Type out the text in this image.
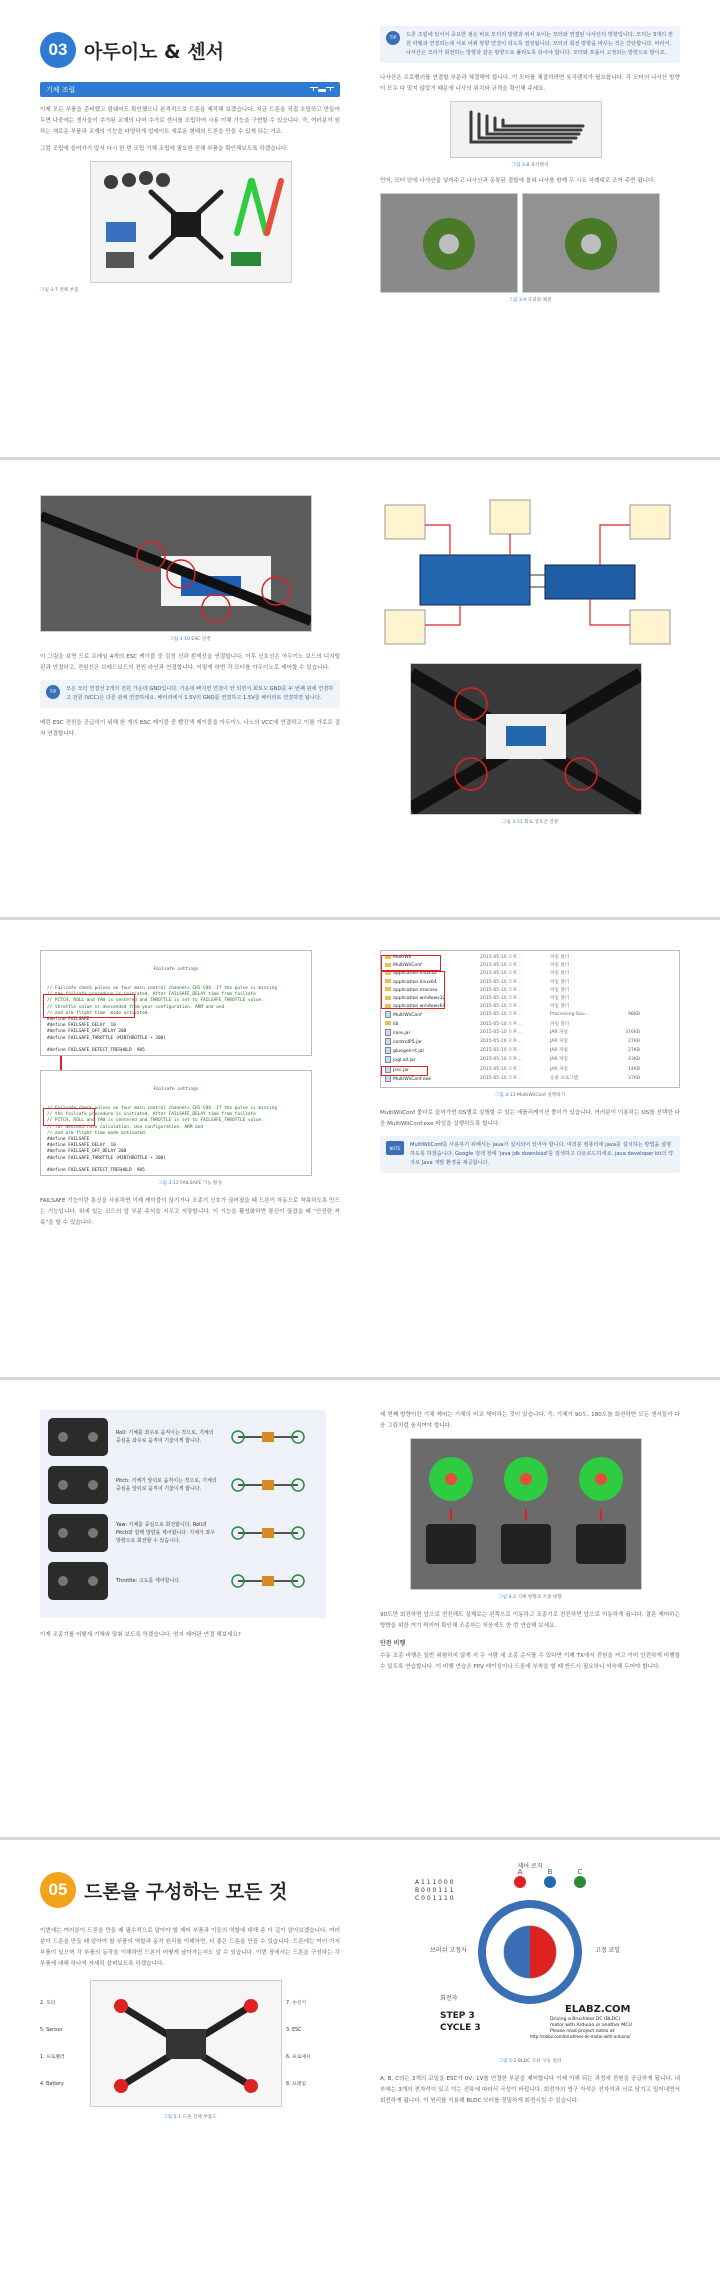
03 아두이노 & 센서
기체 조립

이제 모든 부품을 준비했고 펌웨어도 확인했으니 본격적으로 드론을 제작해 보겠습니다. 지금 드론을 직접 조립하고 만들어 두면 나중에는 센서들이 추가된 교재의 나머 추가로 센서를 조립하여 사용 이해 기능을 구현할 수 있습니다. 즉, 여러분이 원하는 새로운 부품과 교재의 기능을 다양하게 업데이트 새로운 형태의 드론을 만들 수 있게 되는 거죠.

그럼 조립에 들어가기 앞서 다시 한 번 조립 기체 조립에 필요한 전체 부품을 확인해보도록 하겠습니다.

그림 3-7 전체 부품
TIP	드론 조립에 있어서 중요한 점은 바로 모터의 방향과 위치 보이는 모터와 연결된 나사산의 방향입니다. 모터는 3개의 전원 라벨과 연결되는데 서로 바꿔 방향 연결이 되도록 결정됩니다. 모터의 회전 방향을 바꾸는 것은 간단합니다. 따라서, 나사산은 모터가 회전하는 방향과 같은 방향으로 풀리도록 되어야 합니다. 모터와 프롭이 고정되는 방향으로 말이죠.

나사산은 프로펠러를 연결할 부분과 체결해야 합니다. 이 모터를 체결하려면 육각렌치가 필요합니다. 각 모터의 나사산 방향이 모두 다 맞지 않았기 때문에 나사의 위치와 규격을 확인해 주세요.

그림 3-8 육각렌치

먼저, 모터 암에 나사산을 넣어주고 나사산과 동봉된 결합에 꼽혀 나사를 함께 두 시요 차례대로 조여 주면 됩니다.

그림 3-9 모터와 체결
그림 3-10 ESC 연결

이 그림을 보면 드로 프레임 4개의 ESC 케이블 중 검정 선과 흰색선을 연결합니다. 이후 신호선은 아두이노 보드의 디지털 핀과 연결하고, 전원선은 브레드보드의 전원 라인과 연결합니다. 이렇게 하면 각 모터를 아두이노로 제어할 수 있습니다.

TIP	모든 모터 연결선 2개의 전원 가운데 GND입니다. 가운데 빠지면 연결이 안 되면서 회로도 GND를 두 번째 핀에 연결하고 전원 (VCC)은 다른 핀에 연결하세요. 배터리에서 1.5V의 GND를 연결하고 1.5V를 배터리로 연결하면 됩니다.

배런 ESC 전원을 공급하기 위해 한 개의 ESC 케이블 중 빨간색 케이블을 아두이노 나노의 VCC에 연결하고 이를 가로로 걸쳐 연결합니다.

그림 3-11 회로 상호간 연결

Failsafe settings

// Failsafe check pulses on four main control channels CH1-CH4. If the pulse is missing
// the failsafe procedure is initiated. After FAILSAFE_DELAY time from failsafe
// PITCH, ROLL and YAW is centered and THROTTLE is set to FAILSAFE_THROTTLE value.
// throttle value is descended from your configuration. ARM and and
// and arm flight time  mode activated.
#define FAILSAFE
#define FAILSAFE_DELAY  10
#define FAILSAFE_OFF_DELAY 200
#define FAILSAFE_THROTTLE (MINTHROTTLE + 200)

#define FAILSAFE_DETECT_TRESHOLD  985

Failsafe settings

// Failsafe check pulses on four main control channels CH1-CH4. If the pulse is missing
// the failsafe procedure is initiated. After FAILSAFE_DELAY time from failsafe
// PITCH, ROLL and YAW is centered and THROTTLE is set to FAILSAFE_THROTTLE value.
// for descend rate calculation. Use configuration. ARM and
// and arm flight time mode activated.
#define FAILSAFE
#define FAILSAFE_DELAY  10
#define FAILSAFE_OFF_DELAY 200
#define FAILSAFE_THROTTLE (MINTHROTTLE + 200)

#define FAILSAFE_DETECT_TRESHOLD  985

그림 3-12 FAILSAFE 기능 활성

FAILSAFE 기능이란 통신을 사용하면 이제 케이블이 끊기거나 조종기 신호가 끊어졌을 때 드론이 자동으로 착륙하도록 만드는 기능입니다. 위에 있는 코드의 앞 부분 주석을 지우고 저장합니다. 이 기능을 활성화하면 통신이 끊겼을 때 “안전한 착륙”을 할 수 있습니다.

MultiWii	2015-05-10 오후...	파일 폴더
MultiWiiConf	2015-05-10 오후...	파일 폴더
application.linux32	2015-05-10 오후...	파일 폴더
application.linux64	2015-05-10 오후...	파일 폴더
application.macosx	2015-05-10 오후...	파일 폴더
application.windows32	2015-05-10 오후...	파일 폴더
application.windows64	2015-05-10 오후...	파일 폴더
MultiWiiConf	2015-05-10 오후...	Processing Sou...	98KB
lib	2015-05-10 오후...	파일 폴더
core.jar	2015-05-10 오후...	JAR 파일	376KB
controlP5.jar	2015-05-10 오후...	JAR 파일	27KB
gluegen-rt.jar	2015-05-10 오후...	JAR 파일	27KB
jogl.all.jar	2015-05-10 오후...	JAR 파일	43KB
jssc.jar	2015-05-10 오후...	JAR 파일	14KB
MultiWiiConf.exe	2015-05-10 오후...	응용 프로그램	37KB
그림 3-13 MultiWiiConf 실행하기

MultiWiiConf 폴더로 들어가면 OS별로 실행할 수 있는 애플리케이션 폴더가 있습니다. 여러분이 이용하는 OS를 선택한 다음 MultiWiiConf.exe 파일을 실행하도록 합니다.

NOTE	MultiWiiConf를 사용하기 위해서는 java가 설치되어 있어야 합니다. 여러분 컴퓨터에 java를 설치하는 방법을 설명하도록 하겠습니다. Google 검색 창에 'java jdk download'를 검색하고 다운로드하세요. java developer kit의 약자로 Java 개발 환경을 제공합니다.

Roll: 기체를 좌우로 움직이는 것으로, 기체의 중심을 좌우로 움직여 기울이게 합니다.
Pitch: 기체가 앞뒤로 움직이는 것으로, 기체의 중심을 앞뒤로 움직여 기울이게 합니다.
Yaw: 기체를 중심으로 회전합니다. Roll과 Pitch와 함께 방향을 제어합니다. 기체가 좌우 방향으로 회전할 수 있습니다.
Throttle: 고도를 제어합니다.

이제 조종기를 어떻게 기체와 맞춰 보도록 하겠습니다. 엄지 제어판 연결 해보세요?

세 번째 방향이란 기체 제어는 기체의 비교 체어하는 것이 있습니다. 즉, 기체가 90도, 180도를 회전하면 모든 센서들이 다음 그림처럼 움직여야 합니다.

그림 4-2 기체 방향과 조종 방향

90도만 회전하면 앞으로 전진해도 실제로는 왼쪽으로 이동하고 조종기로 전진하면 앞으로 이동하게 됩니다. 결론 제어하는 방향을 위한 여기 짝지어 확인해 조종하는 처음에도 한 번 연습해 보세요.

안전 비행

수동 조종 비행은 일반 위험하지 않게 지 두 사람 세 조종 순서를 수 있다면 이제 TX에서 전원을 켜고 이미 안전하게 비행할 수 있도록 연습합니다. 이 비행 연습은 FPV 레이싱이나 드론에 부착을 할 때 반드시 필요하니 익숙해 두어야 합니다.

05 드론을 구성하는 모든 것

이번에는 여러분이 드론을 만들 때 필수적으로 알아야 할 제어 부품과 이들의 역할에 대해 좀 더 깊이 알아보겠습니다. 여러분이 드론을 만들 때 알아야 할 부품의 역할과 동작 원리를 이해하면, 더 좋은 드론을 만들 수 있습니다. 드론에는 여러 가지 부품이 있으며 각 부품의 동작을 이해하면 드론이 어떻게 날아가는지도 알 수 있습니다. 이번 장에서는 드론을 구성하는 각 부품에 대해 하나씩 자세히 살펴보도록 하겠습니다.

2. 모터
5. Sensor
1. 프로펠러
4. Battery
7. 수신기
3. ESC
6. 프로세서
8. 프레임
그림 5-1 드론 전체 부품도
제어 로직
A 1 1 1 0 0 0
B 0 0 0 1 1 1
C 0 0 1 1 1 0
A	B	C
브러쉬 고정자	고정 코일
회전자
STEP 3
CYCLE 3
ELABZ.COM
Driving a Brushless DC (BLDC)
motor with Arduino or another MCU
Please read project notes at
http://elabz.com/brushless-dc-motor-with-arduino/
그림 5-2 BLDC 모터 구동 원리

A, B, C라는 3개의 코일을 ESC가 0V, 1V를 연결한 부분을 제어합니다 이제 이해 되는 과정에 전원을 공급하게 됩니다. 내부에는 3개의 전자석이 있고 이는 전류에 따라서 극성이 바뀝니다. 회전자의 영구 자석은 전자석과 서로 당기고 밀어내면서 회전하게 됩니다. 이 원리를 이용해 BLDC 모터를 정밀하게 회전시킬 수 있습니다.
